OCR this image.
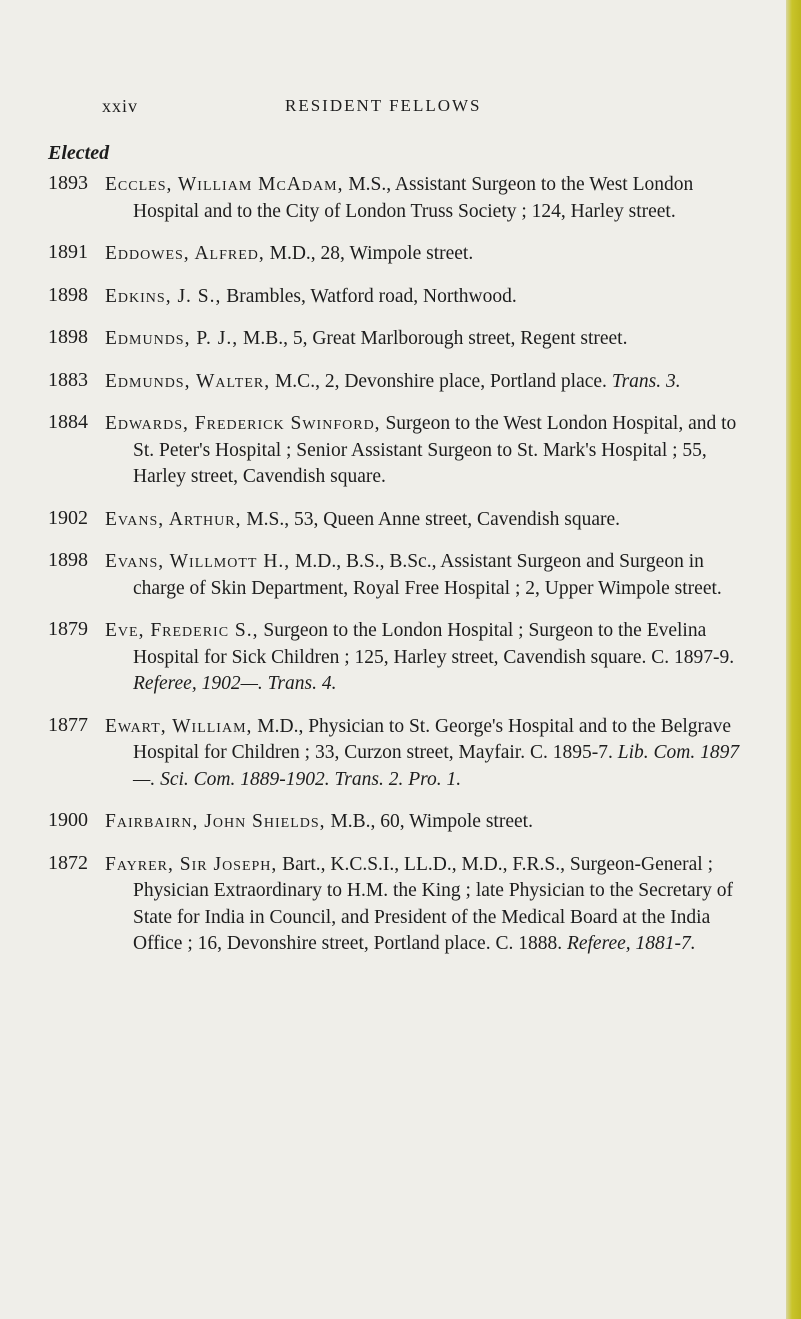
xxiv	RESIDENT FELLOWS
Elected
1893 Eccles, William McAdam, M.S., Assistant Surgeon to the West London Hospital and to the City of London Truss Society ; 124, Harley street.
1891 Eddowes, Alfred, M.D., 28, Wimpole street.
1898 Edkins, J. S., Brambles, Watford road, Northwood.
1898 Edmunds, P. J., M.B., 5, Great Marlborough street, Regent street.
1883 Edmunds, Walter, M.C., 2, Devonshire place, Portland place. Trans. 3.
1884 Edwards, Frederick Swinford, Surgeon to the West London Hospital, and to St. Peter's Hospital ; Senior Assistant Surgeon to St. Mark's Hospital ; 55, Harley street, Cavendish square.
1902 Evans, Arthur, M.S., 53, Queen Anne street, Cavendish square.
1898 Evans, Willmott H., M.D., B.S., B.Sc., Assistant Surgeon and Surgeon in charge of Skin Department, Royal Free Hospital ; 2, Upper Wimpole street.
1879 Eve, Frederic S., Surgeon to the London Hospital ; Surgeon to the Evelina Hospital for Sick Children ; 125, Harley street, Cavendish square. C. 1897-9. Referee, 1902—. Trans. 4.
1877 Ewart, William, M.D., Physician to St. George's Hospital and to the Belgrave Hospital for Children ; 33, Curzon street, Mayfair. C. 1895-7. Lib. Com. 1897—. Sci. Com. 1889-1902. Trans. 2. Pro. 1.
1900 Fairbairn, John Shields, M.B., 60, Wimpole street.
1872 Fayrer, Sir Joseph, Bart., K.C.S.I., LL.D., M.D., F.R.S., Surgeon-General ; Physician Extraordinary to H.M. the King ; late Physician to the Secretary of State for India in Council, and President of the Medical Board at the India Office ; 16, Devonshire street, Portland place. C. 1888. Referee, 1881-7.
